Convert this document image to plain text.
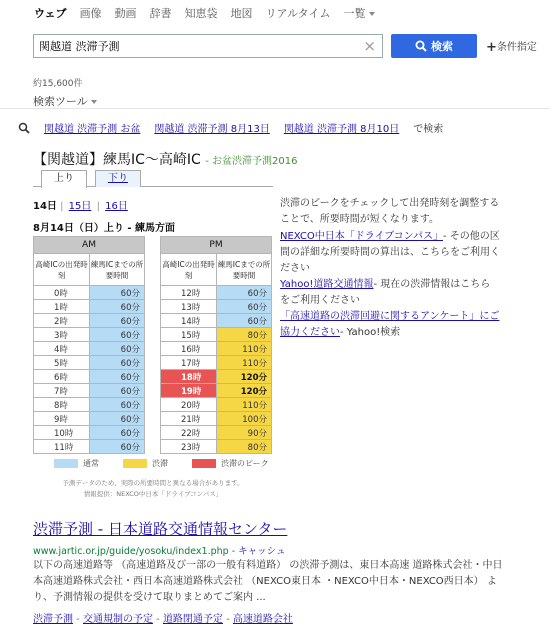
ウェブ 画像 動画 辞書 知恵袋 地図 リアルタイム 一覧
関越道 渋滞予測
×	検索	+条件指定
約15,600件
検索ツール
関越道 渋滞予測 お盆 関越道 渋滞予測 8月13日 関越道 渋滞予測 8月10日 で検索
【関越道】練馬IC〜高崎IC - お盆渋滞予測2016
上り	下り
14日 | 15日 | 16日
8月14日（日）上り - 練馬方面
AM	
高崎ICの出発時刻	練馬ICまでの所要時間
0時	60分
1時	60分
2時	60分
3時	60分
4時	60分
5時	60分
6時	60分
7時	60分
8時	60分
9時	60分
10時	60分
11時	60分
PM	
高崎ICの出発時刻	練馬ICまでの所要時間
12時	60分
13時	60分
14時	60分
15時	80分
16時	110分
17時	110分
18時	120分
19時	120分
20時	110分
21時	100分
22時	90分
23時	80分
通常	渋滞	渋滞のピーク
予測データのため、実際の所要時間と異なる場合があります。
情報提供：NEXCO中日本「ドライブコンパス」
渋滞のピークをチェックして出発時刻を調整することで、所要時間が短くなります。
NEXCO中日本「ドライブコンパス」- その他の区間の詳細な所要時間の算出は、こちらをご利用ください
Yahoo!道路交通情報- 現在の渋滞情報はこちらをご利用ください
「高速道路の渋滞回避に関するアンケート」にご協力ください- Yahoo!検索
渋滞予測 - 日本道路交通情報センター
www.jartic.or.jp/guide/yosoku/index1.php - キャッシュ
以下の高速道路等 （高速道路及び一部の一般有料道路） の渋滞予測は、東日本高速 道路株式会社・中日本高速道路株式会社・西日本高速道路株式会社 （NEXCO東日本 ・NEXCO中日本・NEXCO西日本） より、予測情報の提供を受けて取りまとめてご案内 ...
渋滞予測 - 交通規制の予定 - 道路閉通予定 - 高速道路会社
